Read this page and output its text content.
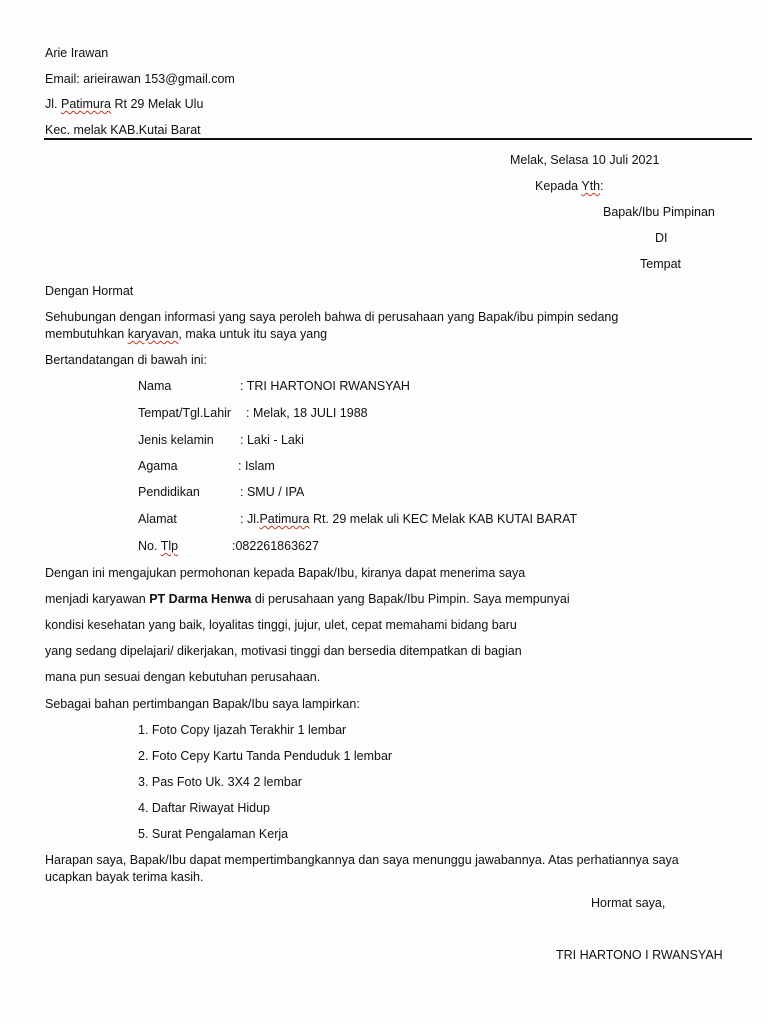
Arie Irawan
Email: arieirawan 153@gmail.com
Jl. Patimura Rt 29 Melak Ulu
Kec. melak KAB.Kutai Barat
Melak, Selasa 10 Juli 2021
Kepada Yth:
Bapak/Ibu Pimpinan
DI
Tempat
Dengan Hormat
Sehubungan dengan informasi yang saya peroleh bahwa di perusahaan yang Bapak/ibu pimpin sedang
membutuhkan karyavan, maka untuk itu saya yang
Bertandatangan di bawah ini:
Nama	: TRI HARTONOI RWANSYAH
Tempat/Tgl.Lahir : Melak, 18 JULI 1988
Jenis kelamin : Laki - Laki
Agama	: Islam
Pendidikan	: SMU / IPA
Alamat	: Jl.Patimura Rt. 29 melak uli KEC Melak KAB KUTAI BARAT
No. Tlp	:082261863627
Dengan ini mengajukan permohonan kepada Bapak/Ibu, kiranya dapat menerima saya
menjadi karyawan PT Darma Henwa di perusahaan yang Bapak/Ibu Pimpin. Saya mempunyai
kondisi kesehatan yang baik, loyalitas tinggi, jujur, ulet, cepat memahami bidang baru
yang sedang dipelajari/ dikerjakan, motivasi tinggi dan bersedia ditempatkan di bagian
mana pun sesuai dengan kebutuhan perusahaan.
Sebagai bahan pertimbangan Bapak/Ibu saya lampirkan:
1. Foto Copy Ijazah Terakhir 1 lembar
2. Foto Cepy Kartu Tanda Penduduk 1 lembar
3. Pas Foto Uk. 3X4 2 lembar
4. Daftar Riwayat Hidup
5. Surat Pengalaman Kerja
Harapan saya, Bapak/Ibu dapat mempertimbangkannya dan saya menunggu jawabannya. Atas perhatiannya saya
ucapkan bayak terima kasih.
Hormat saya,
TRI HARTONO I RWANSYAH
